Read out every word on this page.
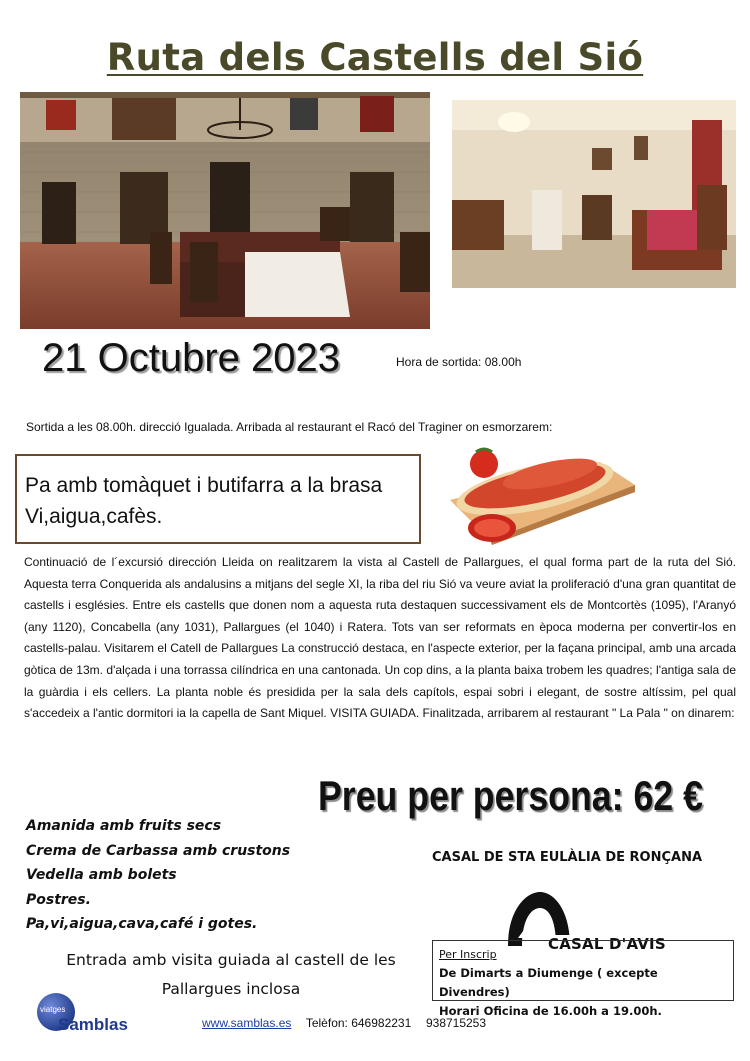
Ruta dels Castells del Sió
21 Octubre 2023	Hora de sortida: 08.00h
Sortida a les 08.00h. direcció Igualada. Arribada al restaurant el Racó del Traginer on esmorzarem:
Pa amb tomàquet i butifarra a la brasa
Vi,aigua,cafès.
Continuació de l´excursió dirección Lleida on realitzarem la vista al Castell de Pallargues, el qual forma part de la ruta del Sió. Aquesta terra Conquerida als andalusins a mitjans del segle XI, la riba del riu Sió va veure aviat la proliferació d'una gran quantitat de castells i esglésies. Entre els castells que donen nom a aquesta ruta destaquen successivament els de Montcortès (1095), l'Aranyó (any 1120), Concabella (any 1031), Pallargues (el 1040) i Ratera. Tots van ser reformats en època moderna per convertir-los en castells-palau. Visitarem el Catell de Pallargues La construcció destaca, en l'aspecte exterior, per la façana principal, amb una arcada gòtica de 13m. d'alçada i una torrassa cilíndrica en una cantonada. Un cop dins, a la planta baixa trobem les quadres; l'antiga sala de la guàrdia i els cellers. La planta noble és presidida per la sala dels capítols, espai sobri i elegant, de sostre altíssim, pel qual s'accedeix a l'antic dormitori ia la capella de Sant Miquel. VISITA GUIADA. Finalitzada, arribarem al restaurant " La Pala " on dinarem:
Preu per persona: 62 €
Amanida amb fruits secs
Crema de Carbassa amb crustons
Vedella amb bolets
Postres.
Pa,vi,aigua,cava,café i gotes.
CASAL DE STA EULÀLIA DE RONÇANA
Entrada amb visita guiada al castell de les Pallargues inclosa
CASAL D'AVIS
Per Inscrip
De Dimarts a Diumenge ( excepte Divendres)
Horari Oficina de 16.00h a 19.00h.
viatges
Samblas	www.samblas.es Telèfon: 646982231 938715253
